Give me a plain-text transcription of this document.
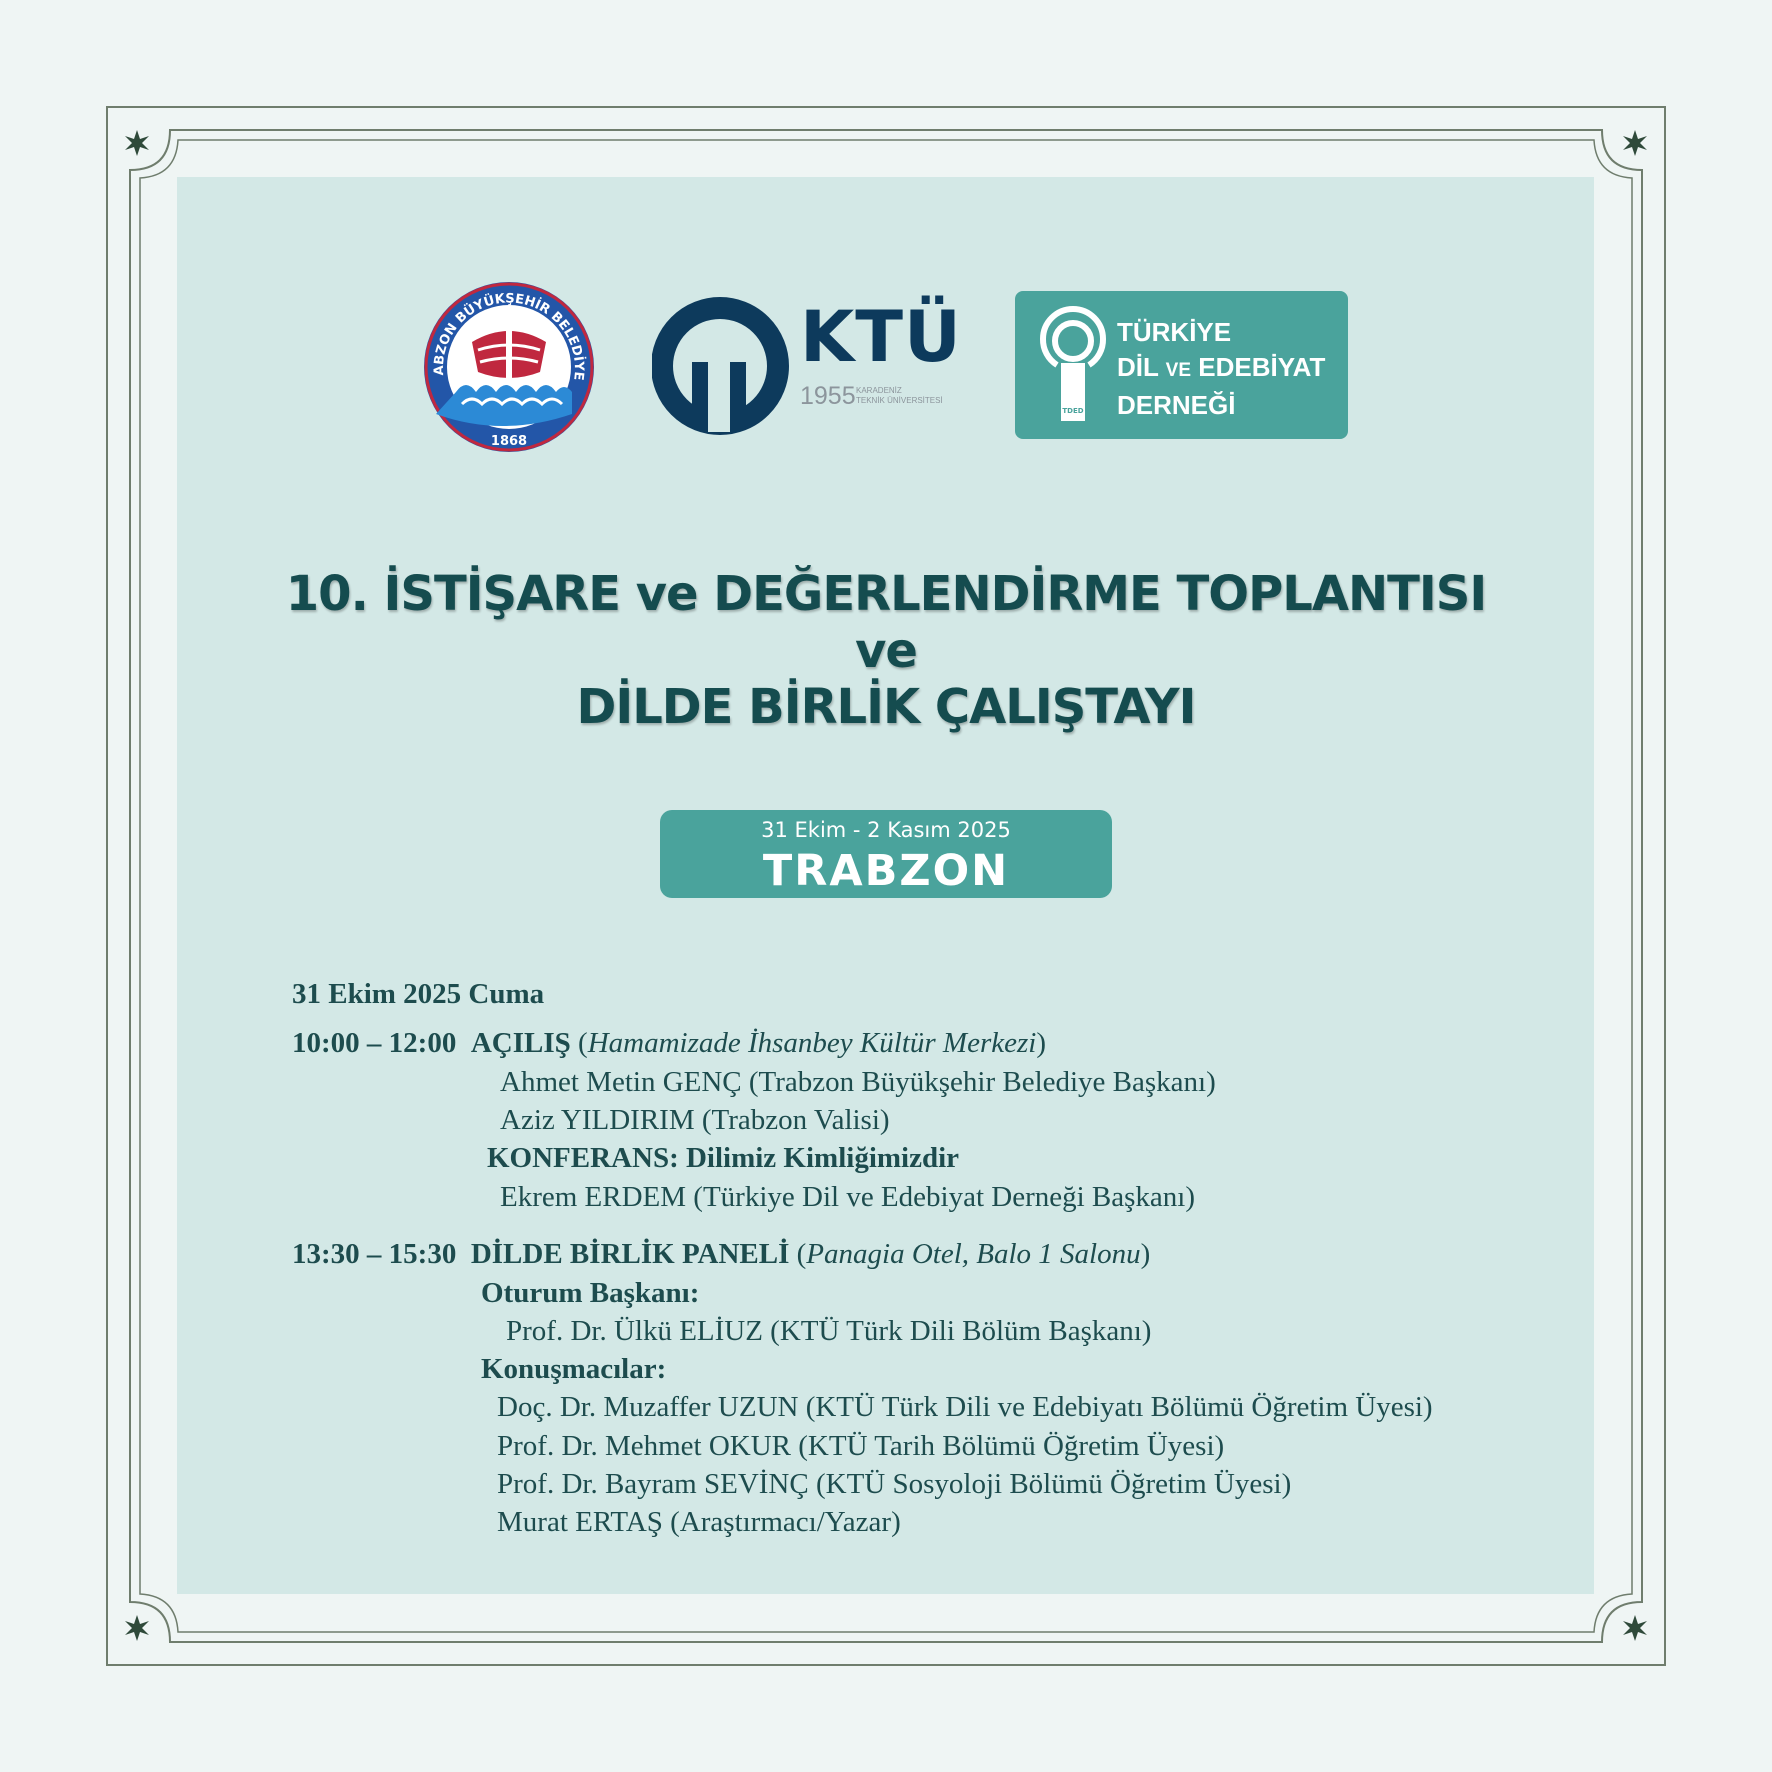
ABZON BÜYÜKŞEHİR BELEDİYE
1868
KTÜ
1955 KARADENİZ
TEKNİK ÜNİVERSİTESİ
TDED
TÜRKİYE
DİL VE EDEBİYAT
DERNEĞİ
10. İSTİŞARE ve DEĞERLENDİRME TOPLANTISI
ve
DİLDE BİRLİK ÇALIŞTAYI
31 Ekim - 2 Kasım 2025
TRABZON
31 Ekim 2025 Cuma
10:00 – 12:00 AÇILIŞ (Hamamizade İhsanbey Kültür Merkezi)
Ahmet Metin GENÇ (Trabzon Büyükşehir Belediye Başkanı)
Aziz YILDIRIM (Trabzon Valisi)
KONFERANS: Dilimiz Kimliğimizdir
Ekrem ERDEM (Türkiye Dil ve Edebiyat Derneği Başkanı)
13:30 – 15:30 DİLDE BİRLİK PANELİ (Panagia Otel, Balo 1 Salonu)
Oturum Başkanı:
Prof. Dr. Ülkü ELİUZ (KTÜ Türk Dili Bölüm Başkanı)
Konuşmacılar:
Doç. Dr. Muzaffer UZUN (KTÜ Türk Dili ve Edebiyatı Bölümü Öğretim Üyesi)
Prof. Dr. Mehmet OKUR (KTÜ Tarih Bölümü Öğretim Üyesi)
Prof. Dr. Bayram SEVİNÇ (KTÜ Sosyoloji Bölümü Öğretim Üyesi)
Murat ERTAŞ (Araştırmacı/Yazar)
